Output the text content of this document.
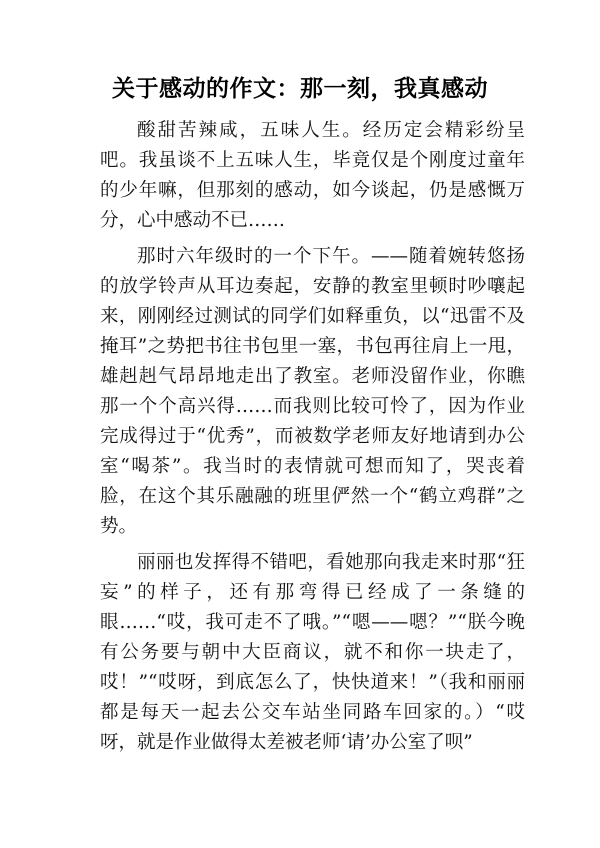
关于感动的作文：那一刻，我真感动

酸甜苦辣咸，五味人生。经历定会精彩纷呈吧。我虽谈不上五味人生，毕竟仅是个刚度过童年的少年嘛，但那刻的感动，如今谈起，仍是感慨万分，心中感动不已……

那时六年级时的一个下午。——随着婉转悠扬的放学铃声从耳边奏起，安静的教室里顿时吵嚷起来，刚刚经过测试的同学们如释重负，以“迅雷不及掩耳”之势把书往书包里一塞，书包再往肩上一甩，雄赳赳气昂昂地走出了教室。老师没留作业，你瞧那一个个高兴得……而我则比较可怜了，因为作业完成得过于“优秀”，而被数学老师友好地请到办公室“喝茶”。我当时的表情就可想而知了，哭丧着脸，在这个其乐融融的班里俨然一个“鹤立鸡群”之势。

丽丽也发挥得不错吧，看她那向我走来时那“狂妄”的样子，还有那弯得已经成了一条缝的眼……“哎，我可走不了哦。”“嗯——嗯？”“朕今晚有公务要与朝中大臣商议，就不和你一块走了，哎！”“哎呀，到底怎么了，快快道来！”（我和丽丽都是每天一起去公交车站坐同路车回家的。）“哎呀，就是作业做得太差被老师‘请’办公室了呗”
